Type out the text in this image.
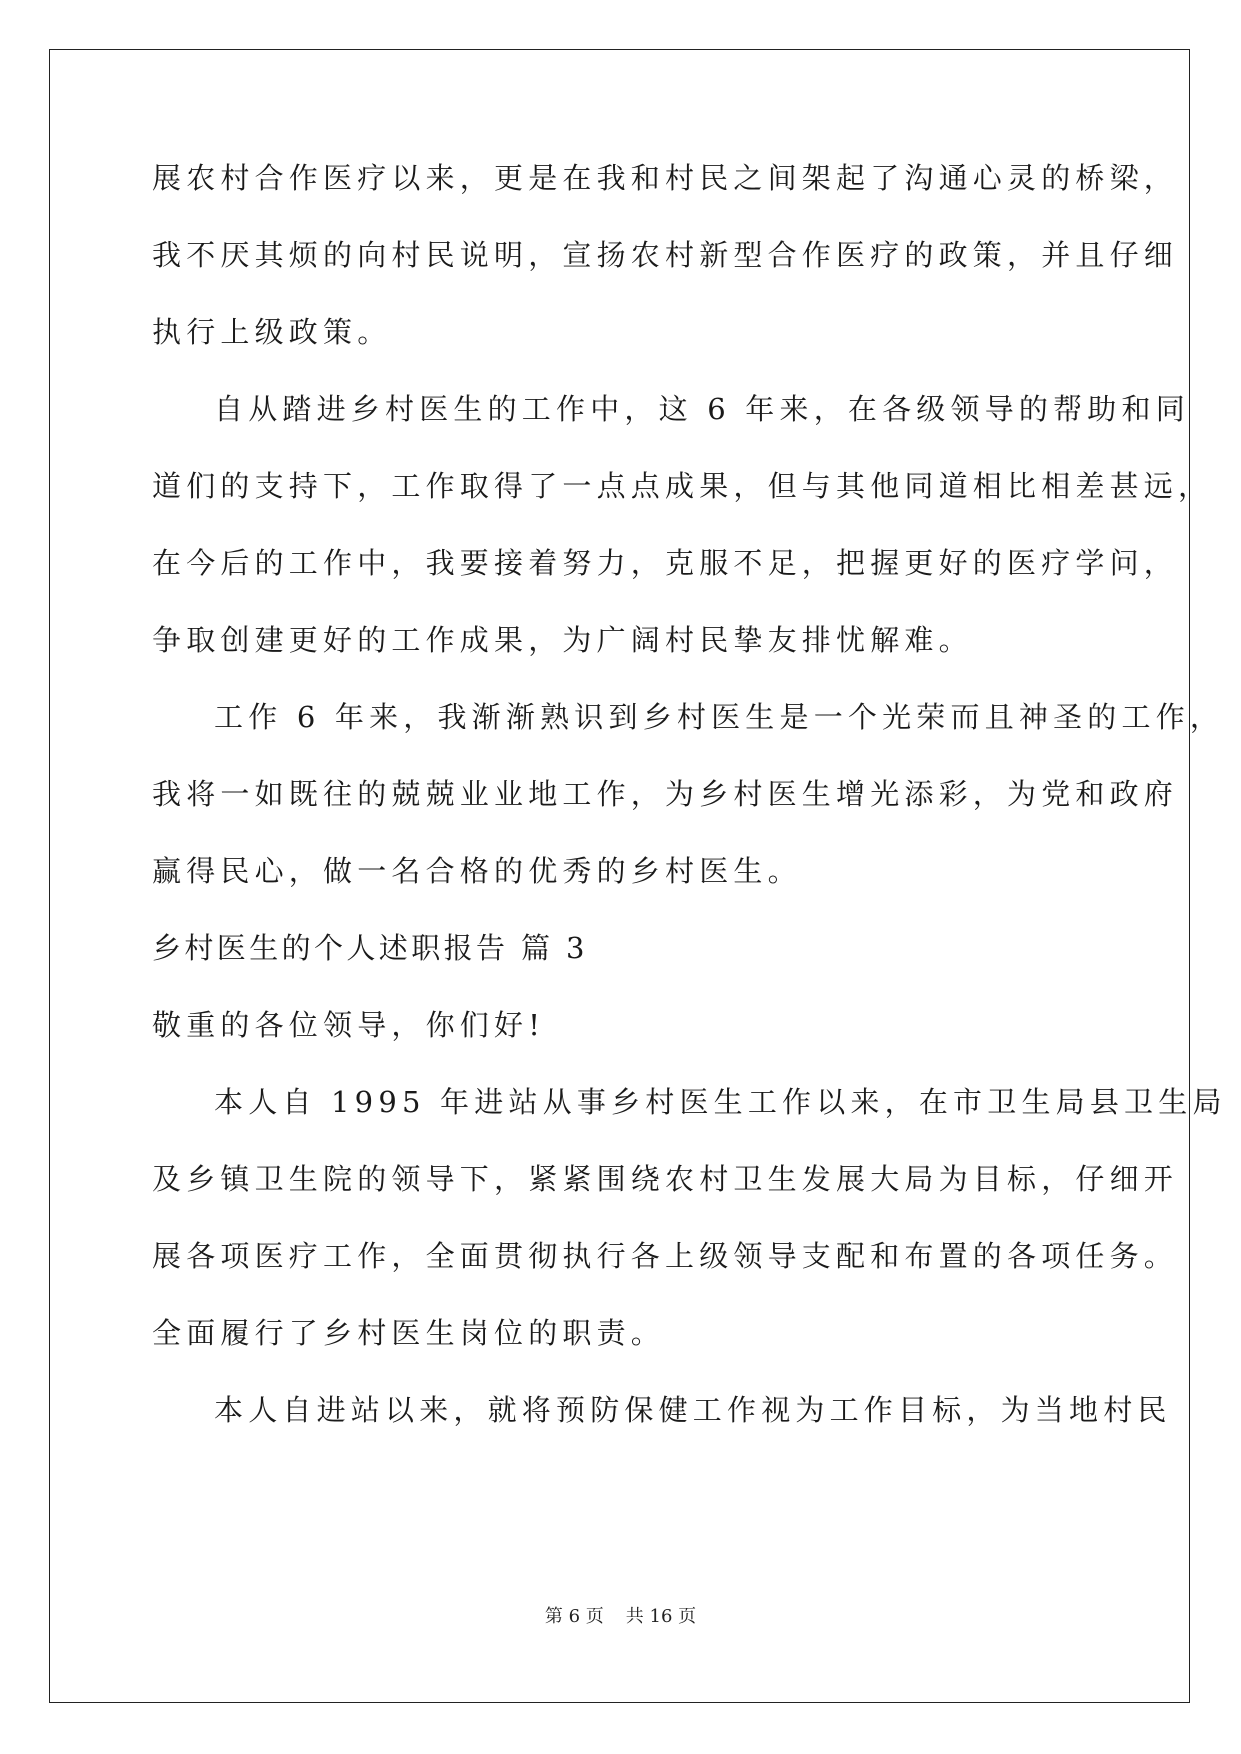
展农村合作医疗以来，更是在我和村民之间架起了沟通心灵的桥梁，
我不厌其烦的向村民说明，宣扬农村新型合作医疗的政策，并且仔细
执行上级政策。
自从踏进乡村医生的工作中，这 6 年来，在各级领导的帮助和同
道们的支持下，工作取得了一点点成果，但与其他同道相比相差甚远，
在今后的工作中，我要接着努力，克服不足，把握更好的医疗学问，
争取创建更好的工作成果，为广阔村民挚友排忧解难。
工作 6 年来，我渐渐熟识到乡村医生是一个光荣而且神圣的工作，
我将一如既往的兢兢业业地工作，为乡村医生增光添彩，为党和政府
赢得民心，做一名合格的优秀的乡村医生。
乡村医生的个人述职报告 篇 3
敬重的各位领导，你们好!
本人自 1995 年进站从事乡村医生工作以来，在市卫生局县卫生局
及乡镇卫生院的领导下，紧紧围绕农村卫生发展大局为目标，仔细开
展各项医疗工作，全面贯彻执行各上级领导支配和布置的各项任务。
全面履行了乡村医生岗位的职责。
本人自进站以来，就将预防保健工作视为工作目标，为当地村民
第 6 页 共 16 页
